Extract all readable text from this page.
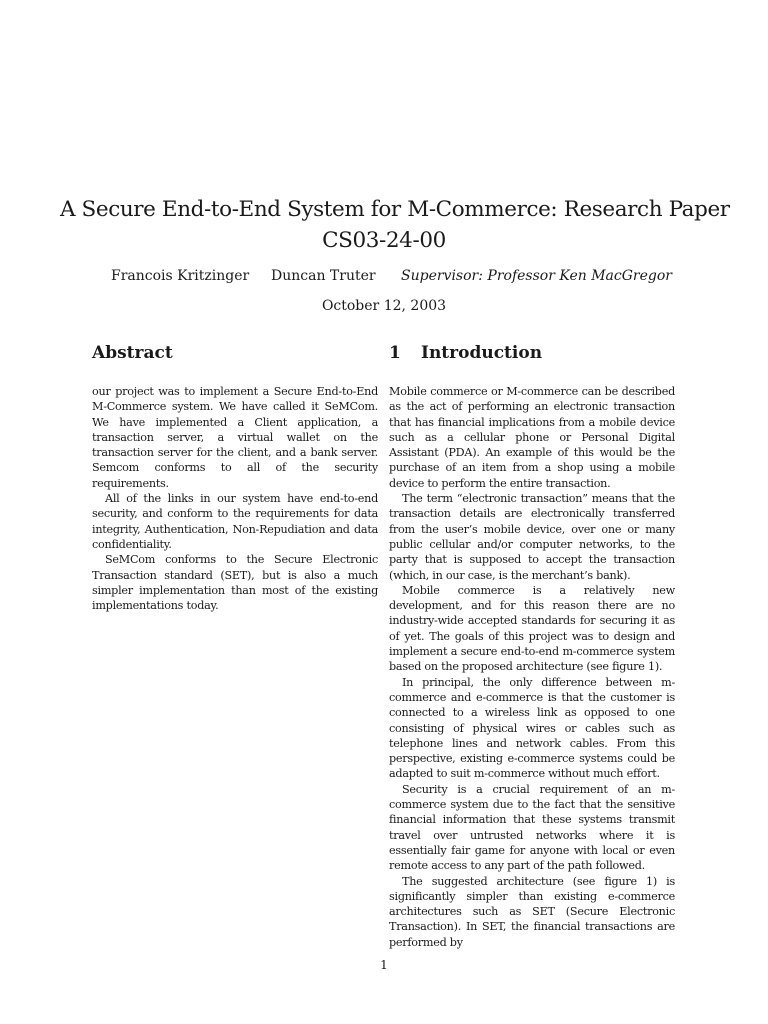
A Secure End-to-End System for M-Commerce: Research Paper
CS03-24-00
Francois Kritzinger Duncan Truter Supervisor: Professor Ken MacGregor
October 12, 2003
Abstract

our project was to implement a Secure End-to-End M-Commerce system. We have called it SeMCom. We have implemented a Client application, a transaction server, a virtual wallet on the transaction server for the client, and a bank server. Semcom conforms to all of the security requirements.

All of the links in our system have end-to-end security, and conform to the requirements for data integrity, Authentication, Non-Repudiation and data confidentiality.

SeMCom conforms to the Secure Electronic Transaction standard (SET), but is also a much simpler implementation than most of the existing implementations today.

1 Introduction

Mobile commerce or M-commerce can be described as the act of performing an electronic transaction that has financial implications from a mobile device such as a cellular phone or Personal Digital Assistant (PDA). An example of this would be the purchase of an item from a shop using a mobile device to perform the entire transaction.

The term “electronic transaction” means that the transaction details are electronically transferred from the user’s mobile device, over one or many public cellular and/or computer networks, to the party that is supposed to accept the transaction (which, in our case, is the merchant’s bank).

Mobile commerce is a relatively new development, and for this reason there are no industry-wide accepted standards for securing it as of yet. The goals of this project was to design and implement a secure end-to-end m-commerce system based on the proposed architecture (see figure 1).

In principal, the only difference between m-commerce and e-commerce is that the customer is connected to a wireless link as opposed to one consisting of physical wires or cables such as telephone lines and network cables. From this perspective, existing e-commerce systems could be adapted to suit m-commerce without much effort.

Security is a crucial requirement of an m-commerce system due to the fact that the sensitive financial information that these systems transmit travel over untrusted networks where it is essentially fair game for anyone with local or even remote access to any part of the path followed.

The suggested architecture (see figure 1) is significantly simpler than existing e-commerce architectures such as SET (Secure Electronic Transaction). In SET, the financial transactions are performed by

1
